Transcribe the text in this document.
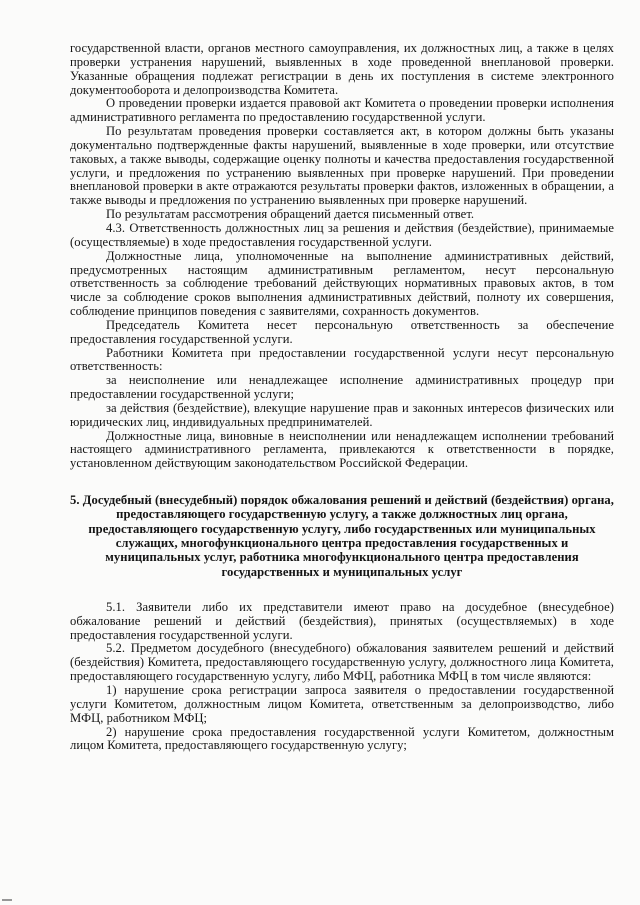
государственной власти, органов местного самоуправления, их должностных лиц, а также в целях проверки устранения нарушений, выявленных в ходе проведенной внеплановой проверки. Указанные обращения подлежат регистрации в день их поступления в системе электронного документооборота и делопроизводства Комитета.

О проведении проверки издается правовой акт Комитета о проведении проверки исполнения административного регламента по предоставлению государственной услуги.

По результатам проведения проверки составляется акт, в котором должны быть указаны документально подтвержденные факты нарушений, выявленные в ходе проверки, или отсутствие таковых, а также выводы, содержащие оценку полноты и качества предоставления государственной услуги, и предложения по устранению выявленных при проверке нарушений. При проведении внеплановой проверки в акте отражаются результаты проверки фактов, изложенных в обращении, а также выводы и предложения по устранению выявленных при проверке нарушений.

По результатам рассмотрения обращений дается письменный ответ.

4.3. Ответственность должностных лиц за решения и действия (бездействие), принимаемые (осуществляемые) в ходе предоставления государственной услуги.

Должностные лица, уполномоченные на выполнение административных действий, предусмотренных настоящим административным регламентом, несут персональную ответственность за соблюдение требований действующих нормативных правовых актов, в том числе за соблюдение сроков выполнения административных действий, полноту их совершения, соблюдение принципов поведения с заявителями, сохранность документов.

Председатель Комитета несет персональную ответственность за обеспечение предоставления государственной услуги.

Работники Комитета при предоставлении государственной услуги несут персональную ответственность:

за неисполнение или ненадлежащее исполнение административных процедур при предоставлении государственной услуги;

за действия (бездействие), влекущие нарушение прав и законных интересов физических или юридических лиц, индивидуальных предпринимателей.

Должностные лица, виновные в неисполнении или ненадлежащем исполнении требований настоящего административного регламента, привлекаются к ответственности в порядке, установленном действующим законодательством Российской Федерации.

5. Досудебный (внесудебный) порядок обжалования решений и действий (бездействия) органа, предоставляющего государственную услугу, а также должностных лиц органа, предоставляющего государственную услугу, либо государственных или муниципальных служащих, многофункционального центра предоставления государственных и муниципальных услуг, работника многофункционального центра предоставления государственных и муниципальных услуг

5.1. Заявители либо их представители имеют право на досудебное (внесудебное) обжалование решений и действий (бездействия), принятых (осуществляемых) в ходе предоставления государственной услуги.

5.2. Предметом досудебного (внесудебного) обжалования заявителем решений и действий (бездействия) Комитета, предоставляющего государственную услугу, должностного лица Комитета, предоставляющего государственную услугу, либо МФЦ, работника МФЦ в том числе являются:

1) нарушение срока регистрации запроса заявителя о предоставлении государственной услуги Комитетом, должностным лицом Комитета, ответственным за делопроизводство, либо МФЦ, работником МФЦ;

2) нарушение срока предоставления государственной услуги Комитетом, должностным лицом Комитета, предоставляющего государственную услугу;
